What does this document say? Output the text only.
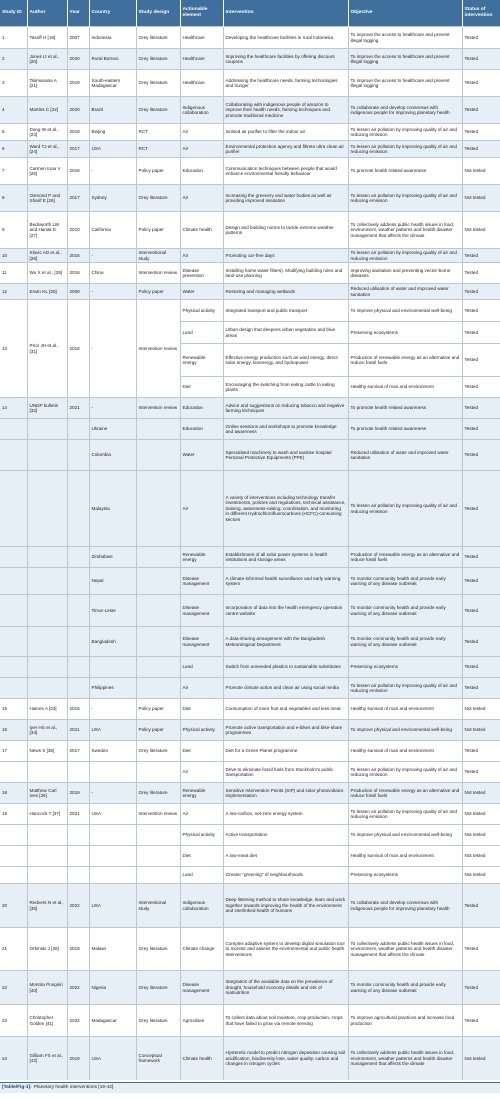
Study ID	Author	Year	Country	Study design	Actionable element	Intervention	Objective	Status of intervention
1	Tasoff H [19]	2007	Indonesia	Grey literature	Healthcare	Developing the healthcare facilities in rural Indonesia	To improve the access to healthcare and prevent illegal logging	Tested
2	Jones IJ et al., [20]	2020	Rural Borneo	Grey literature	Healthcare	Improving the healthcare facilities by offering discount coupons	To improve the access to healthcare and prevent illegal logging	Tested
3	Tsiimanana A [21]	2019	South-eastern Madagascar	Grey literature	Healthcare	Addressing the healthcare needs, farming technologies and hunger	To improve the access to healthcare and prevent illegal logging	Tested
4	Martins C [22]	2020	Brazil	Grey literature	Indigenous collaboration	Collaborating with indigenous people of amazon to improve their health needs, farming techniques and promote traditional medicine	To collaborate and develop consensus with indigenous people for improving planetary health	Tested
5	Dong W et al., [23]	2019	Beijing	RCT	Air	Ionised air purifier to filter the indoor air	To lessen air pollution by improving quality of air and reducing emission	Tested
6	Ward TJ et al., [24]	2017	USA	RCT	Air	Environmental protection agency and filtrete ultra clean air purifier	To lessen air pollution by improving quality of air and reducing emission	Tested
7	Carmen Inoa V [25]	2018	-	Policy paper	Education	Communication techniques between people that would enhance environmental friendly behaviour	To promote health related awareness	Not tested
8	Osmond P and Sharif E [26]	2017	Sydney	Grey literature	Air	Increasing the greenery and water bodies as well as providing improved insulation	To lessen air pollution by improving quality of air and reducing emission	Not tested
9	Bedsworth LW and Hanak E [27]	2010	California	Policy paper	Climate health	Design and building norms to tackle extreme weather patterns	To collectively address public health issues in food, environment, weather patterns and health disaster management that affects the climate	Not tested
10	Slovic AD et al., [28]	2016	-	Interventional study	Air	Promoting car-free days	To lessen air pollution by improving quality of air and reducing emission	Tested
11	Wu X et al., [29]	2016	China	Intervention review	Disease prevention	Installing home water filters). Modifying building rules and land-use planning	Improving sanitation and preventing vector-borne diseases	Tested
12	Erwin KL [30]	2009	-	Policy paper	Water	Restoring and managing wetlands	Reduced utilisation of water and improved water sanitation	Tested
13	Prior JH et al., [31]	2018	-	Intervention review	Physical activity	Integrated transport and public transport	To improve physical and environmental well-being	Tested
					Land	Urban design that deepens urban vegetation and blue areas	Preserving ecosystems	Tested
					Renewable energy	Effective energy production such as wind energy, direct solar energy, bioenergy, and hydropower	Production of renewable energy as an alternative and reduce fossil fuels	Tested
					Diet	Encouraging the switching from eating cattle to eating plants	Healthy survival of man and environment	Tested
14	UNDP bulletin [32]	2021	-	Intervention review	Education	Advice and suggestions on reducing tobacco and negative farming techniques	To promote health related awareness	Tested
			Ukraine		Education	Online sessions and workshops to promote knowledge and awareness	To promote health related awareness	Tested
			Colombia		Water	Specialised machinery to wash and sanitise hospital Personal Protective Equipments (PPE)	Reduced utilisation of water and improved water sanitation	Tested
			Malaysia		Air	A variety of interventions including technology transfer investments, policies and regulations, technical assistance, training, awareness-raising, coordination, and monitoring in different Hydrochlorofluorocarbons (HCFC)-consuming sectors	To lessen air pollution by improving quality of air and reducing emission	Tested
			Zimbabwe		Renewable energy	Establishment of all solar power systems in health institutions and storage areas	Production of renewable energy as an alternative and reduce fossil fuels	Tested
			Nepal		Disease management	A climate-informed health surveillance and early warning system	To monitor community health and provide early warning of any disease outbreak	Tested
			Timor-Leste		Disease management	Incorporation of data into the health emergency operation centre website	To monitor community health and provide early warning of any disease outbreak	Tested
			Bangladesh		Disease management	A data-sharing arrangement with the Bangladesh Meteorological Department	To monitor community health and provide early warning of any disease outbreak	Tested
					Land	Switch from unneeded plastics to sustainable substitutes	Preserving ecosystems	Tested
			Philippines		Air	Promote climate action and clean air using social media	To lessen air pollution by improving quality of air and reducing emission	Tested
15	Haines A [33]	2016	-	Policy paper	Diet	Consumption of more fruit and vegetables and less meat	Healthy survival of man and environment	Not tested
16	Iyer HS et al., [34]	2021	USA	Policy paper	Physical activity	Promote active transportation and e-bikes and bike-share programmes	To improve physical and environmental well-being	Not tested
17	News S [35]	2017	Sweden	Grey literature	Diet	Diet for a Green Planet programme	Healthy survival of man and environment	Tested
					Air	Drive to eliminate fossil fuels from Stockholm's public transportation	To lessen air pollution by improving quality of air and reducing emission	Tested
18	Matthew Carl Ives [36]	2019	-	Grey literature	Renewable energy	Sensitive Intervention Points (SIP) and solar photovoltaics implementation	Production of renewable energy as an alternative and reduce fossil fuels	Not tested
19	Hancock T [37]	2021	USA	Intervention review	Air	A low-carbon, net-zero energy system	To lessen air pollution by improving quality of air and reducing emission	Not tested
					Physical activity	Active transportation	To improve physical and environmental well-being	Not tested
					Diet	A low-meat diet	Healthy survival of man and environment	Not tested
					Land	Greater "greening" of neighbourhoods	Preserving ecosystems	Not tested
20	Redvers N et al., [38]	2022	USA	Interventional study	Indigenous collaboration	Deep listening method to share knowledge, learn and work together towards improving the health of the environment and interlinked health of humans	To collaborate and develop consensus with indigenous people for improving planetary health	Tested
21	Orbinski J [39]	2019	Malawi	Grey literature	Climate change	Complex adaptive system to develop digital simulation tool to monitor and assess the environmental and public health Interventions	To collectively address public health issues in food, environment, weather patterns and health disaster management that affects the climate	Tested
22	Montira Pongsiri [40]	2022	Nigeria	Grey literature	Disease management	Integration of the available data on the prevalence of drought, household economy details and risk of malnutrition	To monitor community health and provide early warning of any disease outbreak	Tested
23	Christopher Golden [41]	2022	Madagascar	Grey literature	Agriculture	To collect data about soil moisture, crop production, crops that have failed to grow via remote sensing	To improve agricultural practices and increase food production	Tested
24	Gilliam FS et al., [42]	2019	USA	Conceptual framework	Climate health	Hysteretic model to predict nitrogen deposition causing soil acidification, biodiversity lose, water quality, carbon and changes in nitrogen cycles	To collectively address public health issues in food, environment, weather patterns and health disaster management that affects the climate	Not tested
[Table/Fig-1]: Planetary health interventions [19-42].
